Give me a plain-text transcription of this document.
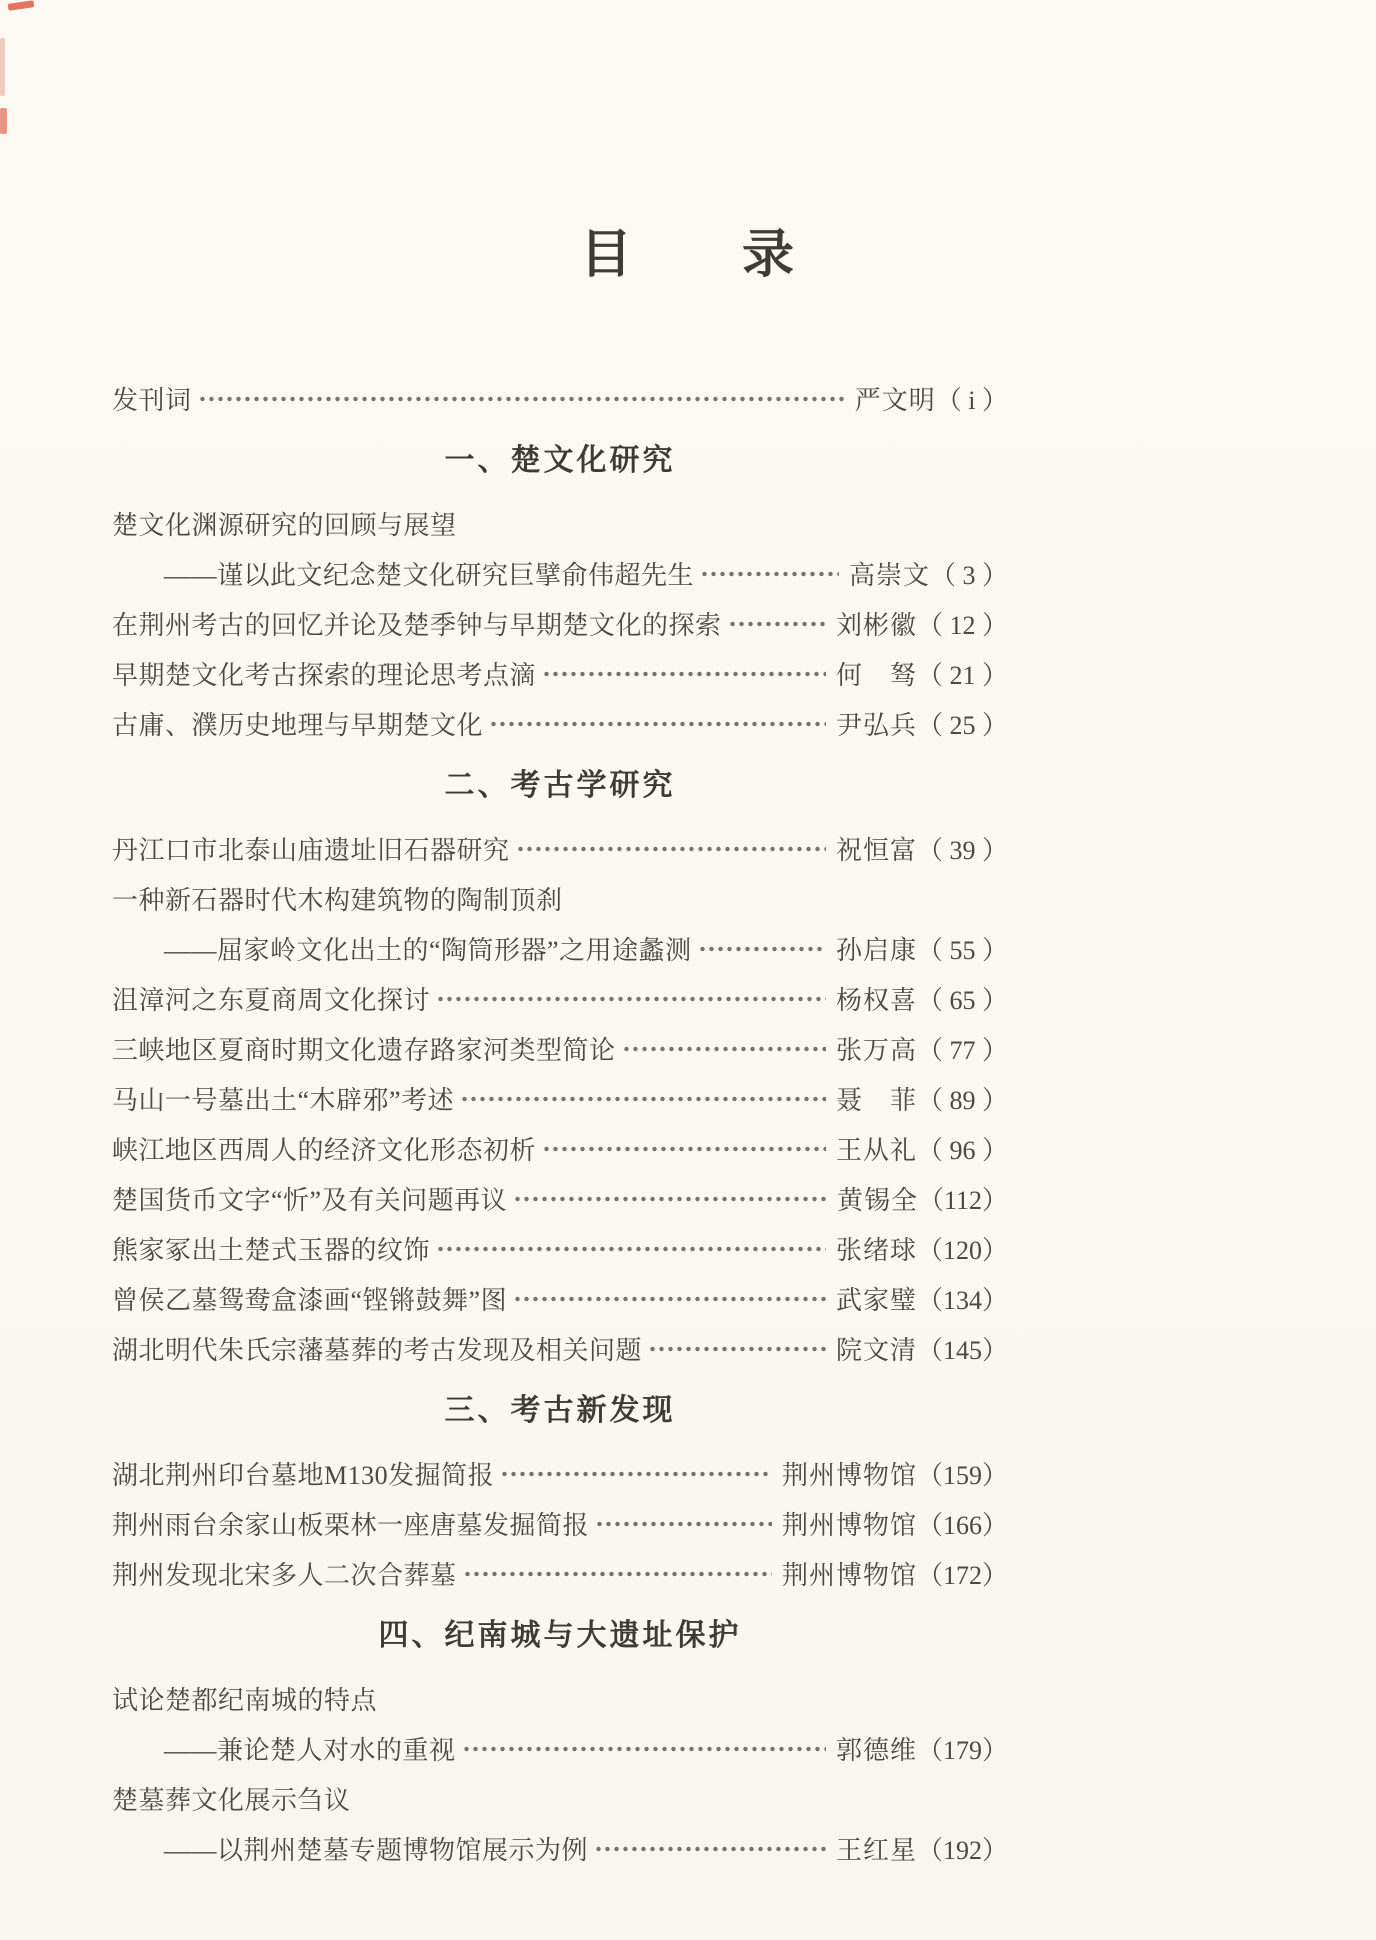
目　　录
发刊词	严文明 （ i ）
一、楚文化研究
楚文化渊源研究的回顾与展望
——谨以此文纪念楚文化研究巨擘俞伟超先生	高崇文 （ 3 ）
在荆州考古的回忆并论及楚季钟与早期楚文化的探索	刘彬徽 （ 12 ）
早期楚文化考古探索的理论思考点滴	何　驽 （ 21 ）
古庸、濮历史地理与早期楚文化	尹弘兵 （ 25 ）
二、考古学研究
丹江口市北泰山庙遗址旧石器研究	祝恒富 （ 39 ）
一种新石器时代木构建筑物的陶制顶刹
——屈家岭文化出土的“陶筒形器”之用途蠡测	孙启康 （ 55 ）
沮漳河之东夏商周文化探讨	杨权喜 （ 65 ）
三峡地区夏商时期文化遗存路家河类型简论	张万高 （ 77 ）
马山一号墓出土“木辟邪”考述	聂　菲 （ 89 ）
峡江地区西周人的经济文化形态初析	王从礼 （ 96 ）
楚国货币文字“忻”及有关问题再议	黄锡全 （112）
熊家冢出土楚式玉器的纹饰	张绪球 （120）
曾侯乙墓鸳鸯盒漆画“铿锵鼓舞”图	武家璧 （134）
湖北明代朱氏宗藩墓葬的考古发现及相关问题	院文清 （145）
三、考古新发现
湖北荆州印台墓地M130发掘简报	荆州博物馆 （159）
荆州雨台余家山板栗林一座唐墓发掘简报	荆州博物馆 （166）
荆州发现北宋多人二次合葬墓	荆州博物馆 （172）
四、纪南城与大遗址保护
试论楚都纪南城的特点
——兼论楚人对水的重视	郭德维 （179）
楚墓葬文化展示刍议
——以荆州楚墓专题博物馆展示为例	王红星 （192）
